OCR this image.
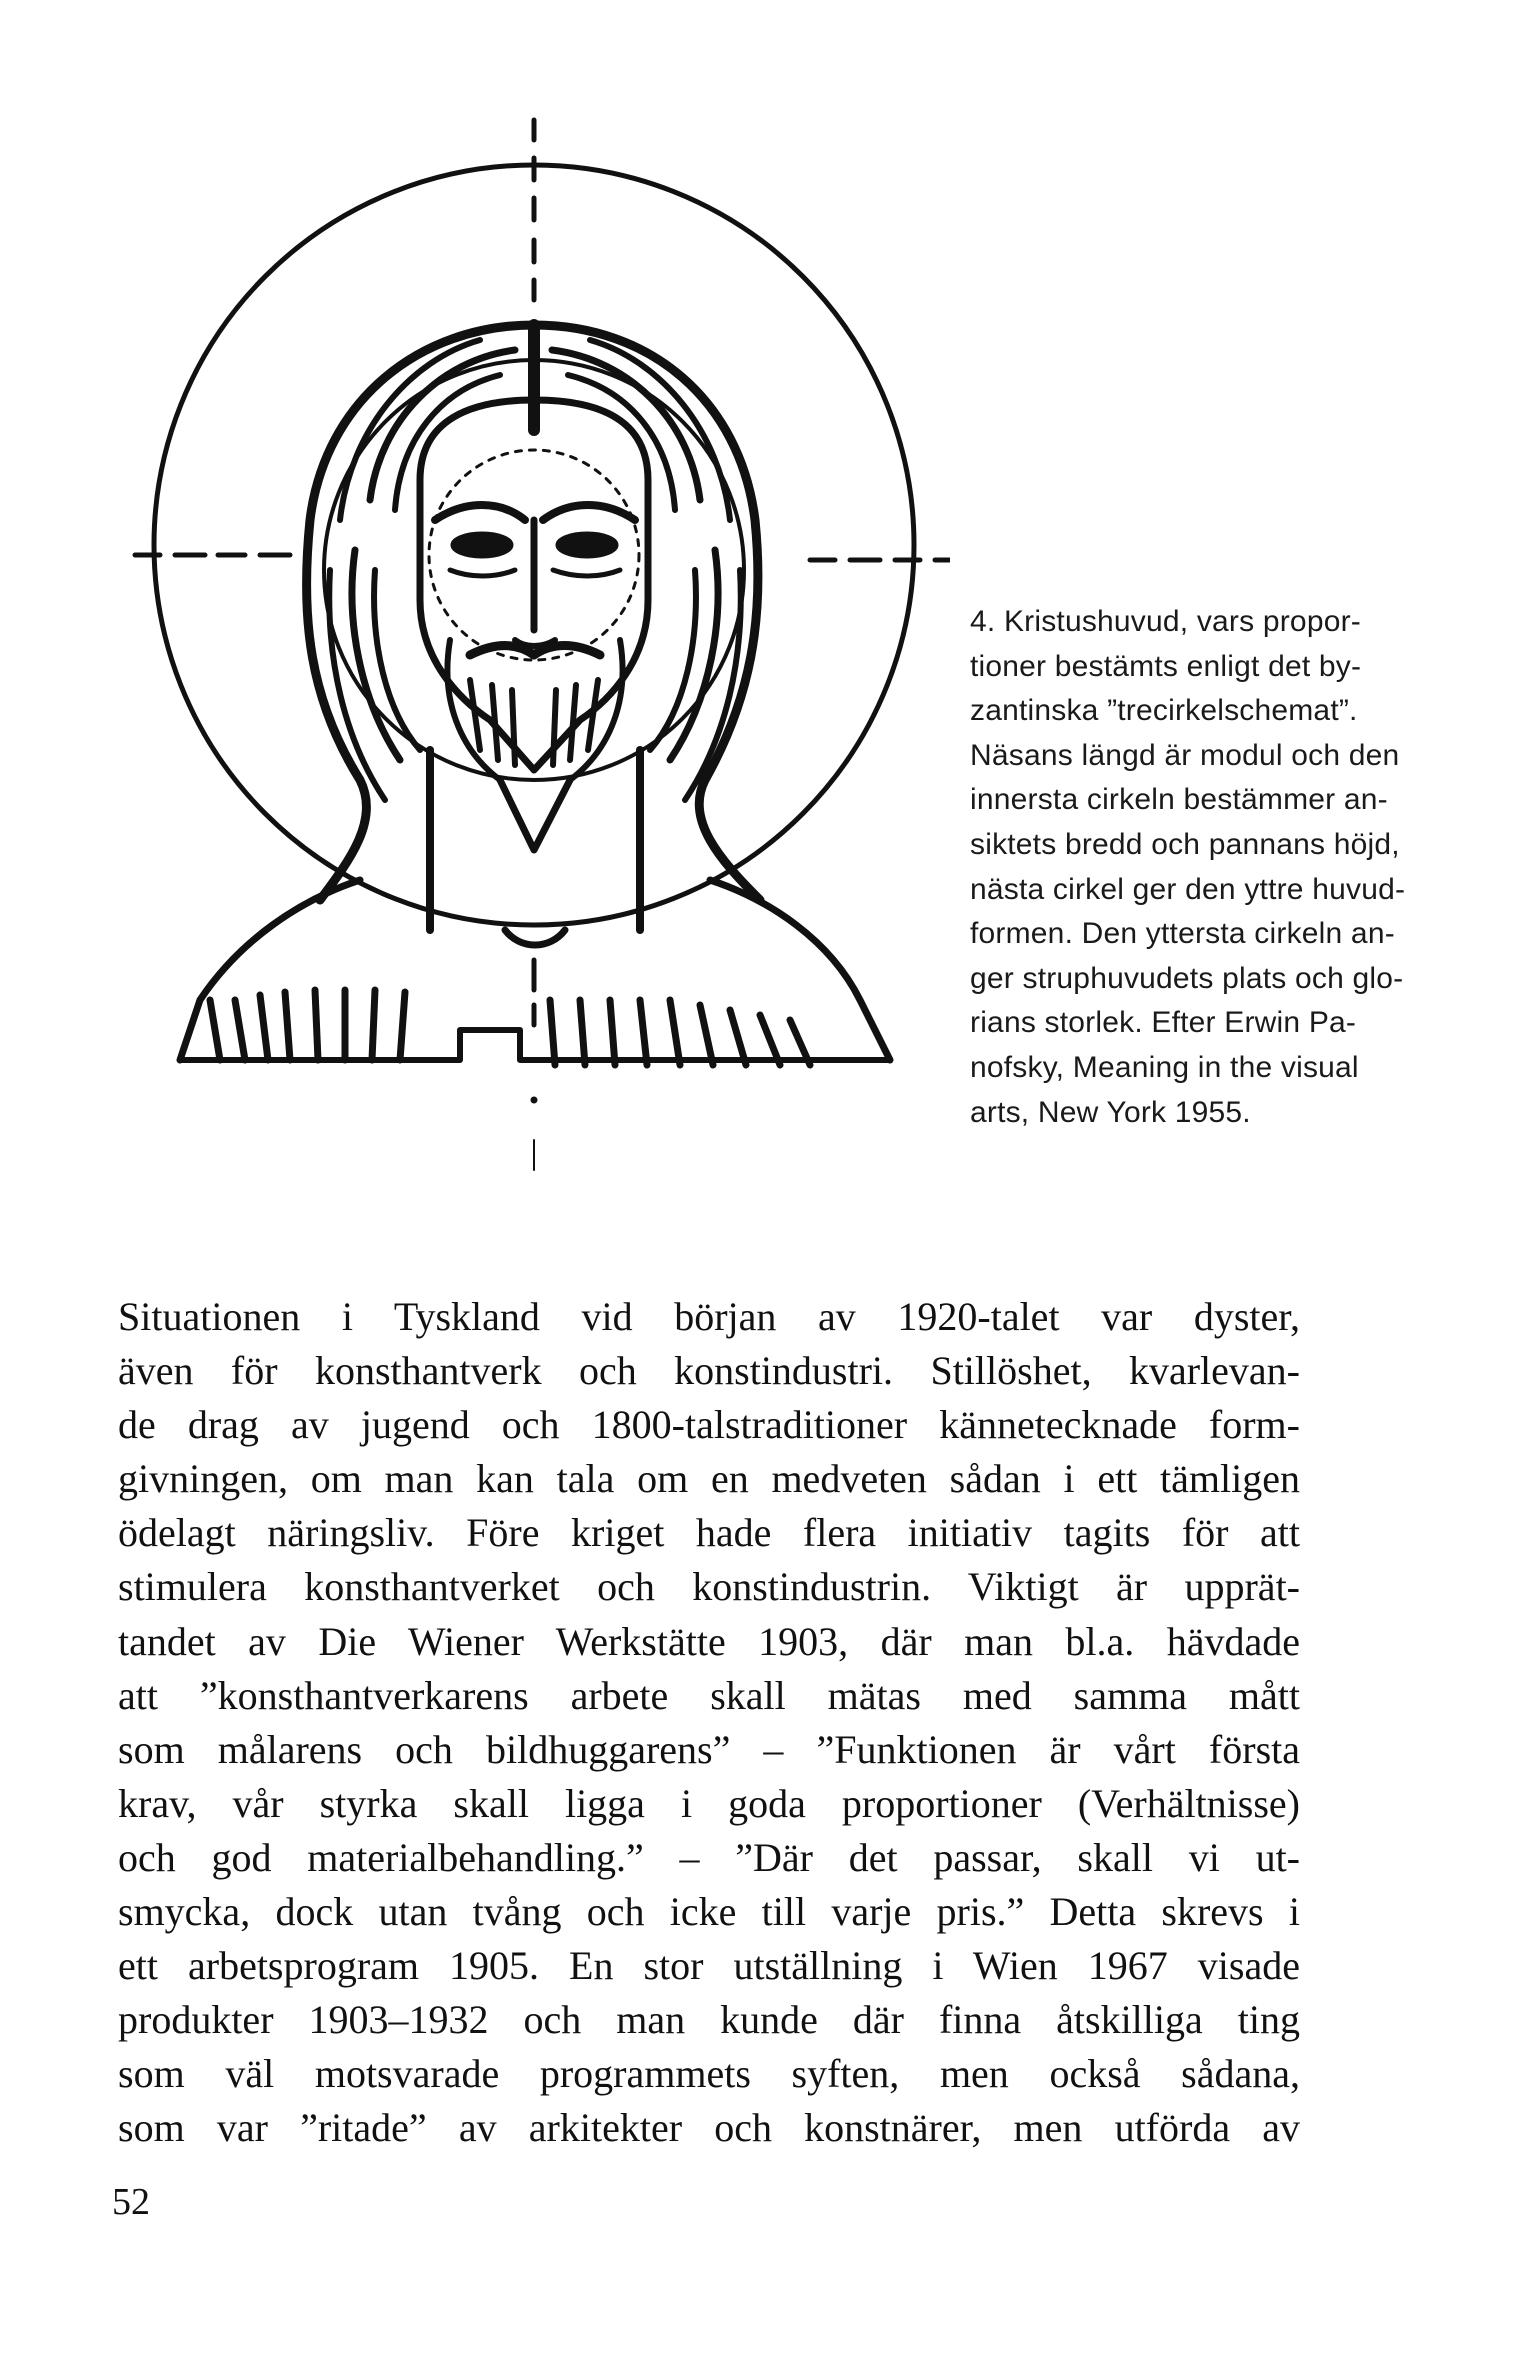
4. Kristushuvud, vars propor-
tioner bestämts enligt det by-
zantinska ”trecirkelschemat”.
Näsans längd är modul och den
innersta cirkeln bestämmer an-
siktets bredd och pannans höjd,
nästa cirkel ger den yttre huvud-
formen. Den yttersta cirkeln an-
ger struphuvudets plats och glo-
rians storlek. Efter Erwin Pa-
nofsky, Meaning in the visual
arts, New York 1955.
Situationen i Tyskland vid början av 1920-talet var dyster,
även för konsthantverk och konstindustri. Stillöshet, kvarlevan-
de drag av jugend och 1800-talstraditioner kännetecknade form-
givningen, om man kan tala om en medveten sådan i ett tämligen
ödelagt näringsliv. Före kriget hade flera initiativ tagits för att
stimulera konsthantverket och konstindustrin. Viktigt är upprät-
tandet av Die Wiener Werkstätte 1903, där man bl.a. hävdade
att ”konsthantverkarens arbete skall mätas med samma mått
som målarens och bildhuggarens” – ”Funktionen är vårt första
krav, vår styrka skall ligga i goda proportioner (Verhältnisse)
och god materialbehandling.” – ”Där det passar, skall vi ut-
smycka, dock utan tvång och icke till varje pris.” Detta skrevs i
ett arbetsprogram 1905. En stor utställning i Wien 1967 visade
produkter 1903–1932 och man kunde där finna åtskilliga ting
som väl motsvarade programmets syften, men också sådana,
som var ”ritade” av arkitekter och konstnärer, men utförda av
52
